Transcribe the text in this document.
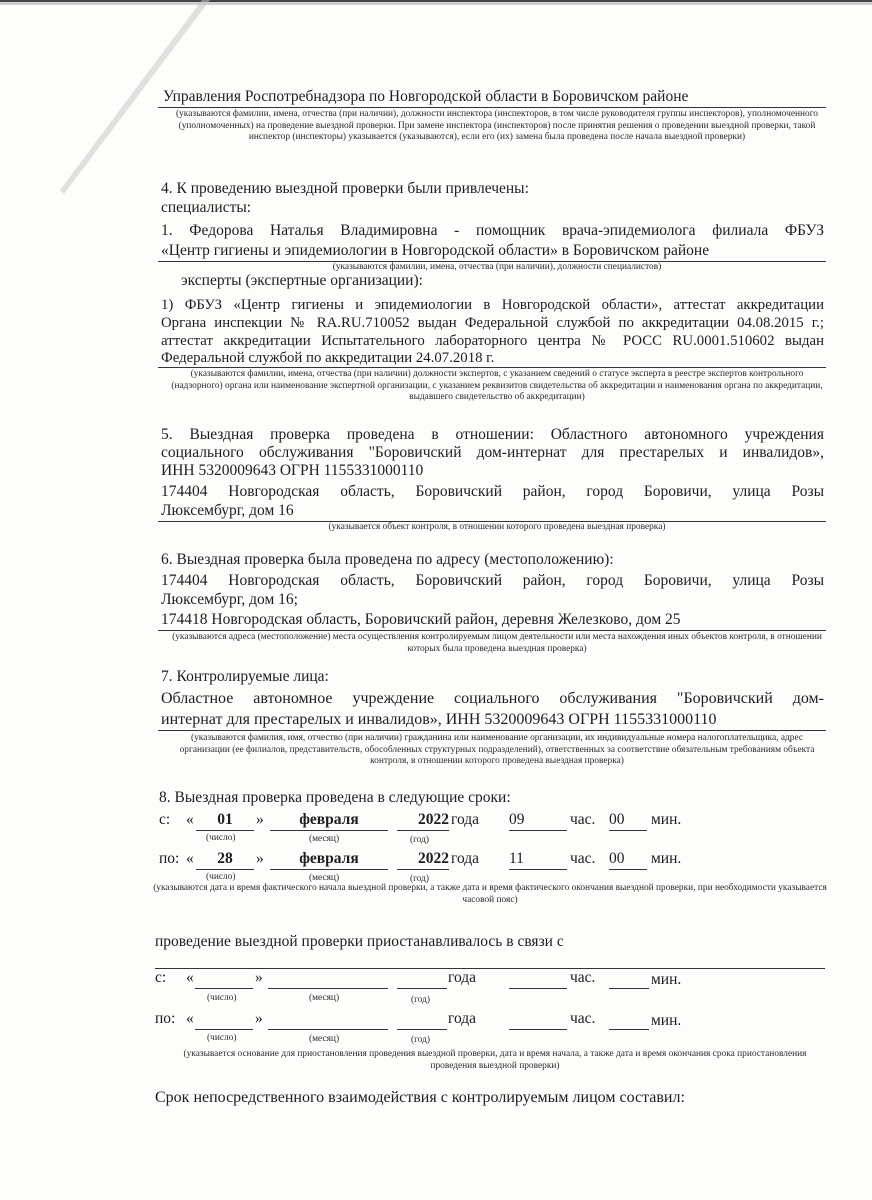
Управления Роспотребнадзора по Новгородской области в Боровичском районе
(указываются фамилии, имена, отчества (при наличии), должности инспектора (инспекторов, в том числе руководителя группы инспекторов), уполномоченного (уполномоченных) на проведение выездной проверки. При замене инспектора (инспекторов) после принятия решения о проведении выездной проверки, такой инспектор (инспекторы) указывается (указываются), если его (их) замена была проведена после начала выездной проверки)
4. К проведению выездной проверки были привлечены:
специалисты:
1. Федорова Наталья Владимировна - помощник врача-эпидемиолога филиала ФБУЗ
«Центр гигиены и эпидемиологии в Новгородской области» в Боровичском районе
(указываются фамилии, имена, отчества (при наличии), должности специалистов)
эксперты (экспертные организации):
1) ФБУЗ «Центр гигиены и эпидемиологии в Новгородской области», аттестат аккредитации
Органа инспекции № RA.RU.710052 выдан Федеральной службой по аккредитации 04.08.2015 г.;
аттестат аккредитации Испытательного лабораторного центра № РОСС RU.0001.510602 выдан
Федеральной службой по аккредитации 24.07.2018 г.
(указываются фамилии, имена, отчества (при наличии) должности экспертов, с указанием сведений о статусе эксперта в реестре экспертов контрольного (надзорного) органа или наименование экспертной организации, с указанием реквизитов свидетельства об аккредитации и наименования органа по аккредитации, выдавшего свидетельство об аккредитации)
5. Выездная проверка проведена в отношении: Областного автономного учреждения
социального обслуживания "Боровичский дом-интернат для престарелых и инвалидов»,
ИНН 5320009643 ОГРН 1155331000110
174404 Новгородская область, Боровичский район, город Боровичи, улица Розы
Люксембург, дом 16
(указывается объект контроля, в отношении которого проведена выездная проверка)
6. Выездная проверка была проведена по адресу (местоположению):
174404 Новгородская область, Боровичский район, город Боровичи, улица Розы
Люксембург, дом 16;
174418 Новгородская область, Боровичский район, деревня Железково, дом 25
(указываются адреса (местоположение) места осуществления контролируемым лицом деятельности или места нахождения иных объектов контроля, в отношении которых была проведена выездная проверка)
7. Контролируемые лица:
Областное автономное учреждение социального обслуживания "Боровичский дом-
интернат для престарелых и инвалидов», ИНН 5320009643 ОГРН 1155331000110
(указываются фамилия, имя, отчество (при наличии) гражданина или наименование организации, их индивидуальные номера налогоплательщика, адрес организации (ее филиалов, представительств, обособленных структурных подразделений), ответственных за соответствие обязательным требованиям объекта контроля, в отношении которого проведена выездная проверка)
8. Выездная проверка проведена в следующие сроки:
с: «	01	»	февраля	2022 года 09	час. 00	мин.
(число)	(месяц)	(год)
по: «	28	»	февраля	2022 года 11	час. 00	мин.
(число)	(месяц)	(год)
(указываются дата и время фактического начала выездной проверки, а также дата и время фактического окончания выездной проверки, при необходимости указывается часовой пояс)
проведение выездной проверки приостанавливалось в связи с
с: «	»	года	час.	мин.
(число)	(месяц)	(год)
по: «	»	года	час.	мин.
(число)	(месяц)	(год)
(указывается основание для приостановления проведения выездной проверки, дата и время начала, а также дата и время окончания срока приостановления проведения выездной проверки)
Срок непосредственного взаимодействия с контролируемым лицом составил:
